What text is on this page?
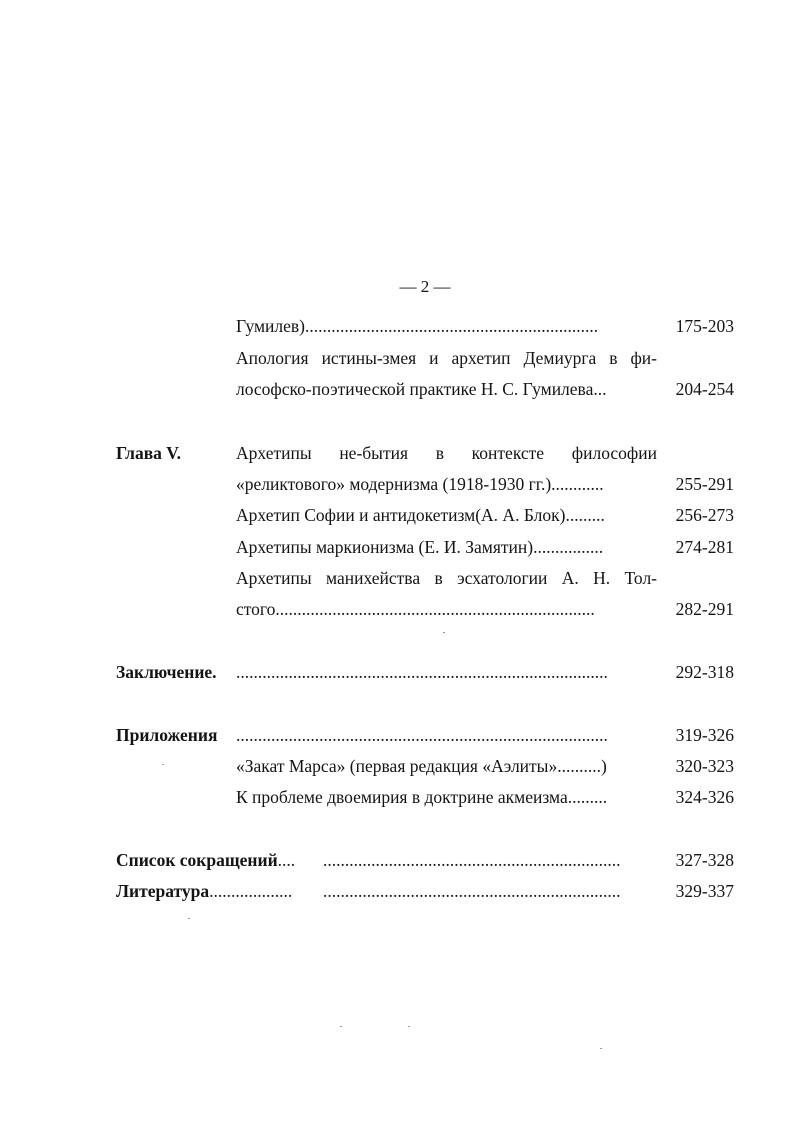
— 2 —
Гумилев)...................................................................	175-203
Апология истины-змея и архетип Демиурга в фи-
лософско-поэтической практике Н. С. Гумилева...	204-254
Глава V.	Архетипы не-бытия в контексте философии
«реликтового» модернизма (1918-1930 гг.)............	255-291
Архетип Софии и антидокетизм(А. А. Блок).........	256-273
Архетипы маркионизма (Е. И. Замятин)................	274-281
Архетипы манихейства в эсхатологии А. Н. Тол-
стого.........................................................................	282-291
Заключение. .....................................................................................	292-318
Приложения .....................................................................................	319-326
«Закат Марса» (первая редакция «Аэлиты»..........)	320-323
К проблеме двоемирия в доктрине акмеизма.........	324-326
Список сокращений.... ....................................................................	327-328
Литература................... ....................................................................	329-337
